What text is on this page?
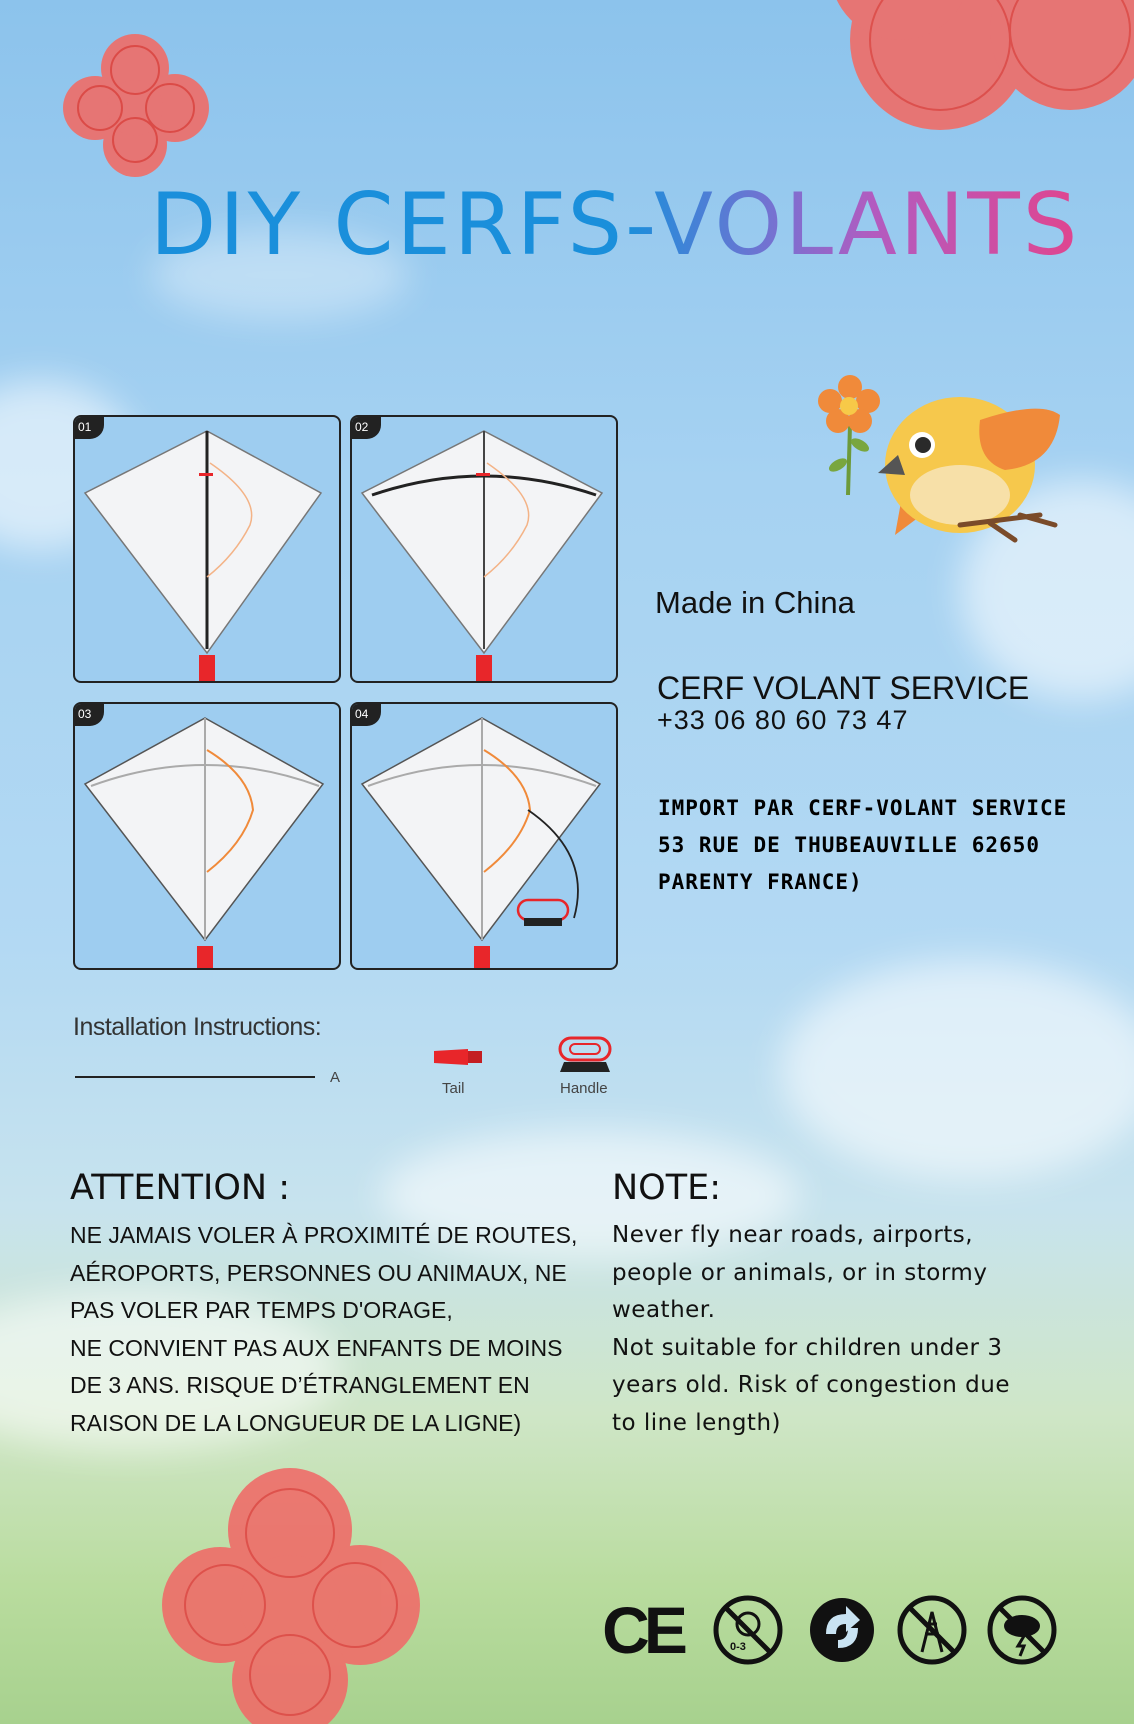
DIY CERFS-VOLANTS
01	02
03	04
Made in China
CERF VOLANT SERVICE
+33 06 80 60 73 47
IMPORT PAR CERF-VOLANT SERVICE 53 RUE DE THUBEAUVILLE 62650 PARENTY FRANCE)
Installation Instructions:
A
Tail	Handle
ATTENTION :
NE JAMAIS VOLER À PROXIMITÉ DE ROUTES,
AÉROPORTS, PERSONNES OU ANIMAUX, NE
PAS VOLER PAR TEMPS D'ORAGE,
NE CONVIENT PAS AUX ENFANTS DE MOINS
DE 3 ANS. RISQUE D’ÉTRANGLEMENT EN
RAISON DE LA LONGUEUR DE LA LIGNE)
NOTE:
Never fly near roads, airports,
people or animals, or in stormy
weather.
Not suitable for children under 3
years old. Risk of congestion due
to line length)
CE	0-3
